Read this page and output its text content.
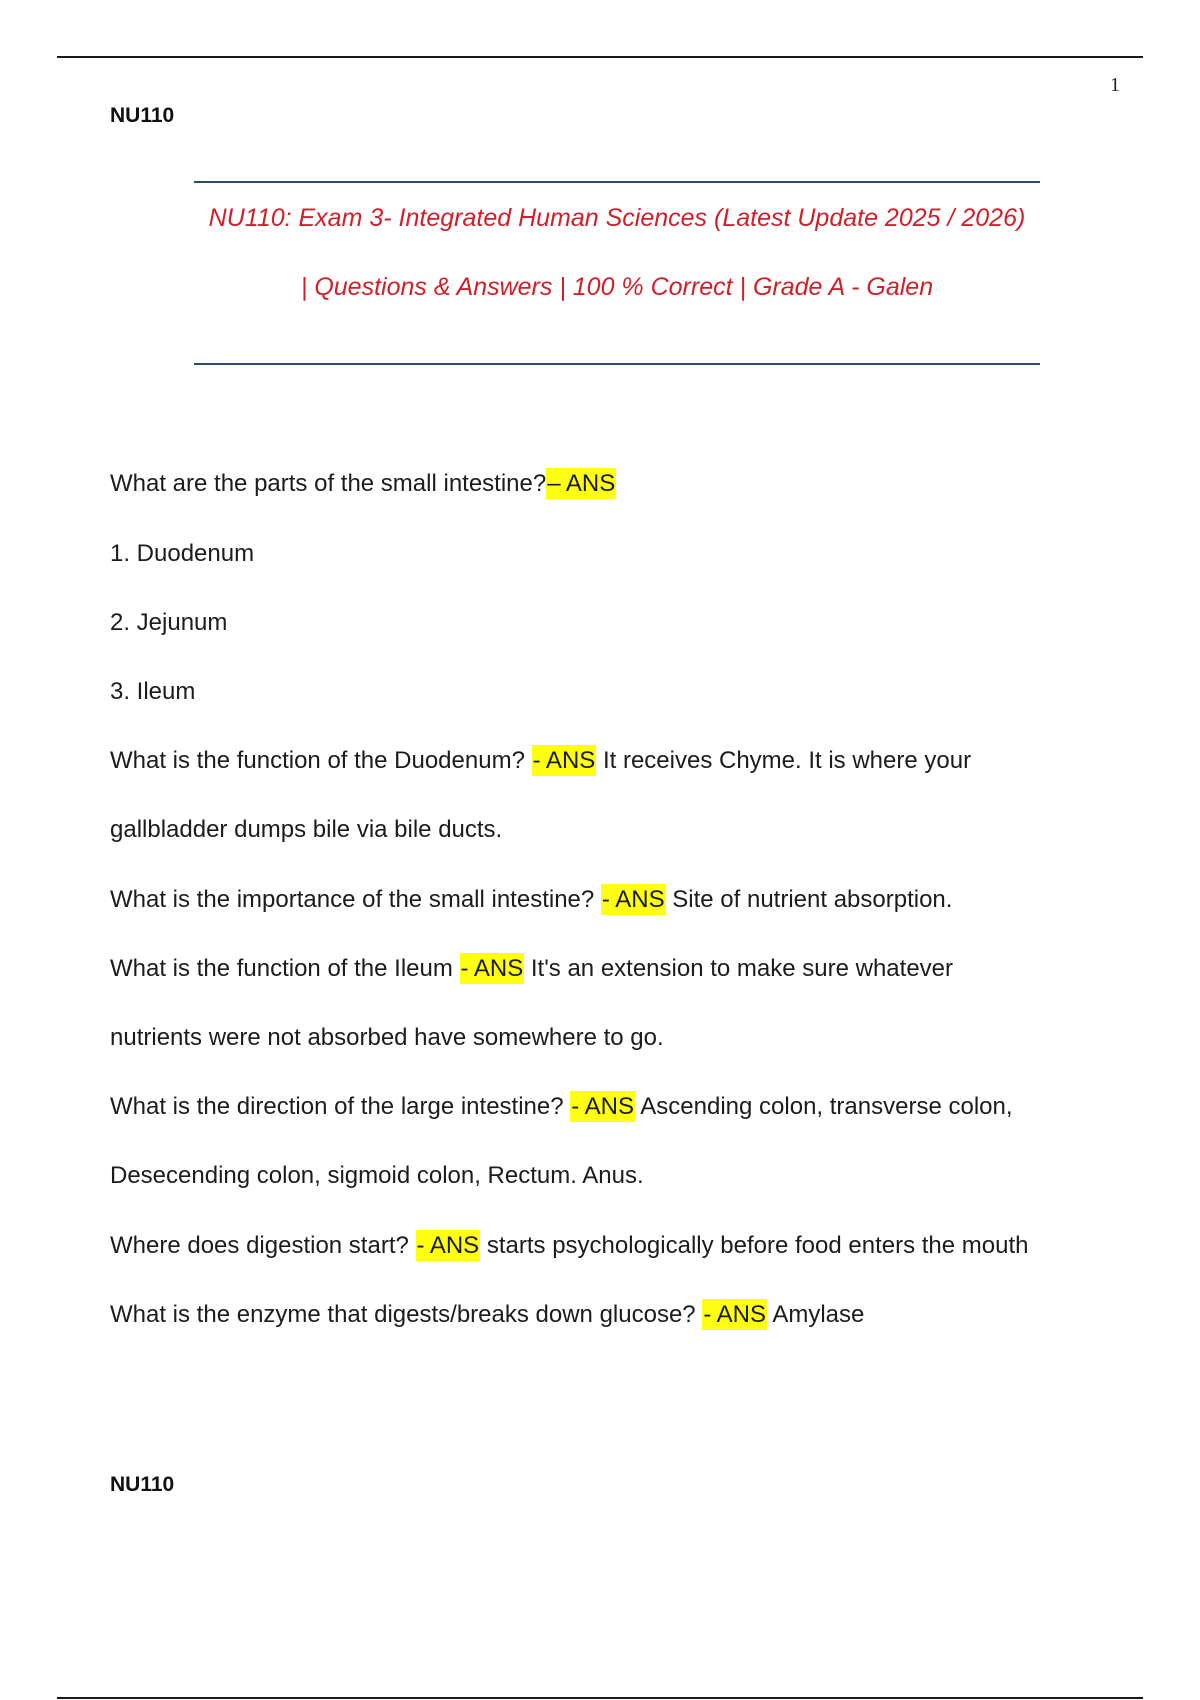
1
NU110
NU110: Exam 3- Integrated Human Sciences (Latest Update 2025 / 2026)
| Questions & Answers | 100 % Correct | Grade A - Galen
What are the parts of the small intestine?– ANS
1. Duodenum
2. Jejunum
3. Ileum
What is the function of the Duodenum? - ANS It receives Chyme. It is where your
gallbladder dumps bile via bile ducts.
What is the importance of the small intestine? - ANS Site of nutrient absorption.
What is the function of the Ileum - ANS It's an extension to make sure whatever
nutrients were not absorbed have somewhere to go.
What is the direction of the large intestine? - ANS Ascending colon, transverse colon,
Desecending colon, sigmoid colon, Rectum. Anus.
Where does digestion start? - ANS starts psychologically before food enters the mouth
What is the enzyme that digests/breaks down glucose? - ANS Amylase
NU110
